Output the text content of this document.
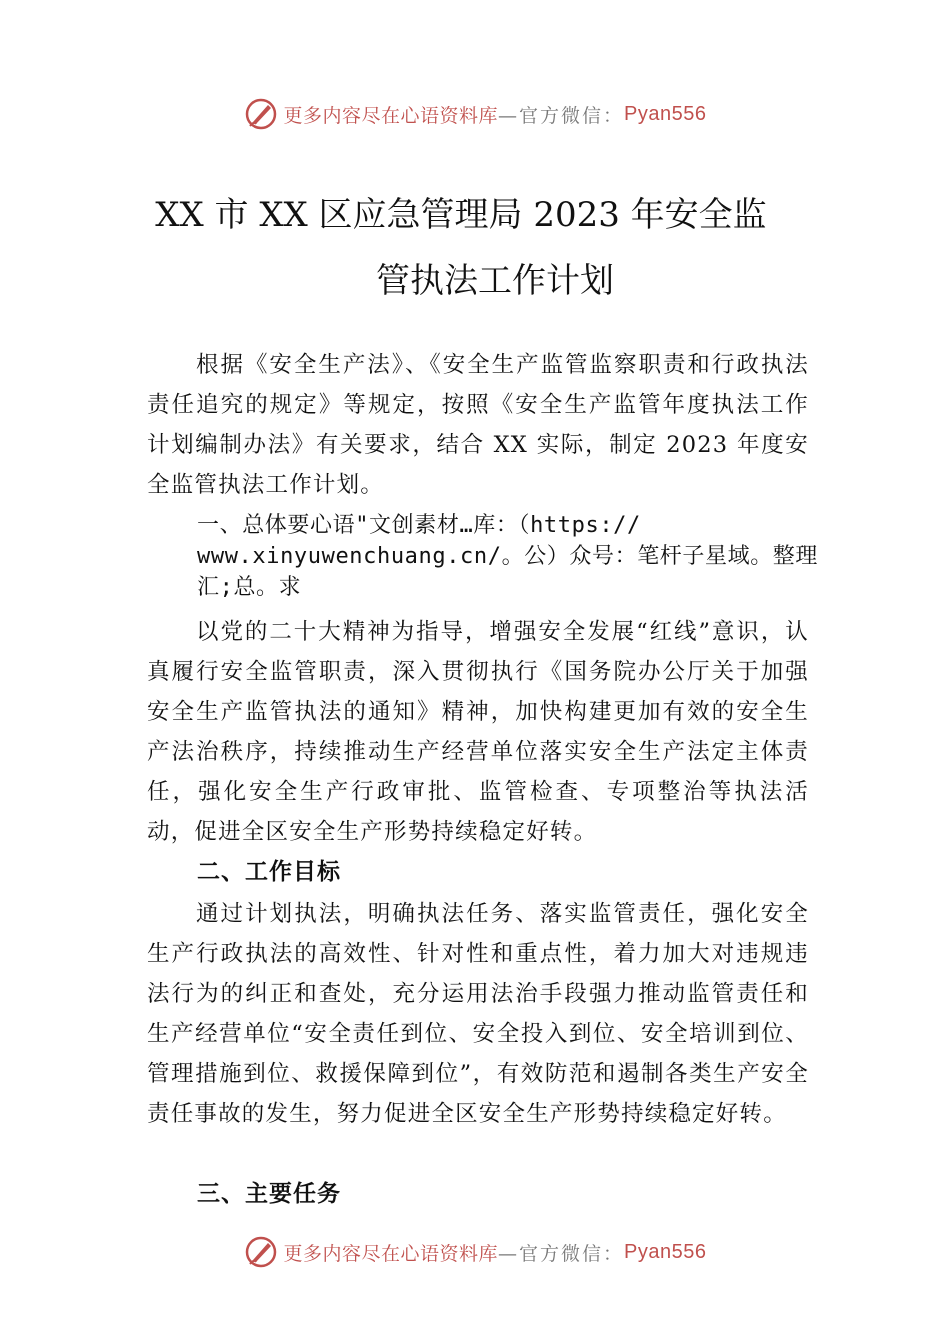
更多内容尽在心语资料库 —官方微信： Pyan556
XX 市 XX 区应急管理局 2023 年安全监
管执法工作计划
根据《安全生产法》、《安全生产监管监察职责和行政执法责任追究的规定》等规定，按照《安全生产监管年度执法工作计划编制办法》有关要求，结合 XX 实际，制定 2023 年度安全监管执法工作计划。
一、总体要心语"文创素材…库：（https://
www.xinyuwenchuang.cn/。公）众号：笔杆子星域。整理
汇;总。求
以党的二十大精神为指导，增强安全发展“红线”意识，认真履行安全监管职责，深入贯彻执行《国务院办公厅关于加强安全生产监管执法的通知》精神，加快构建更加有效的安全生产法治秩序，持续推动生产经营单位落实安全生产法定主体责任，强化安全生产行政审批、监管检查、专项整治等执法活动，促进全区安全生产形势持续稳定好转。
二、工作目标
通过计划执法，明确执法任务、落实监管责任，强化安全生产行政执法的高效性、针对性和重点性，着力加大对违规违法行为的纠正和查处，充分运用法治手段强力推动监管责任和生产经营单位“安全责任到位、安全投入到位、安全培训到位、管理措施到位、救援保障到位”，有效防范和遏制各类生产安全责任事故的发生，努力促进全区安全生产形势持续稳定好转。
三、主要任务
更多内容尽在心语资料库 —官方微信： Pyan556
